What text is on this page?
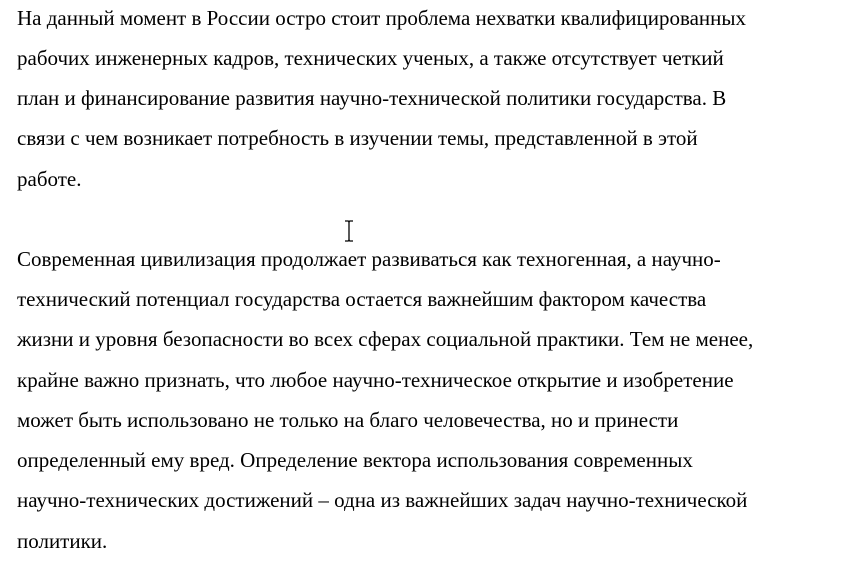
На данный момент в России остро стоит проблема нехватки квалифицированных

рабочих инженерных кадров, технических ученых, а также отсутствует четкий

план и финансирование развития научно-технической политики государства. В

связи с чем возникает потребность в изучении темы, представленной в этой

работе.

Современная цивилизация продолжает развиваться как техногенная, а научно-

технический потенциал государства остается важнейшим фактором качества

жизни и уровня безопасности во всех сферах социальной практики. Тем не менее,

крайне важно признать, что любое научно-техническое открытие и изобретение

может быть использовано не только на благо человечества, но и принести

определенный ему вред. Определение вектора использования современных

научно-технических достижений – одна из важнейших задач научно-технической

политики.
